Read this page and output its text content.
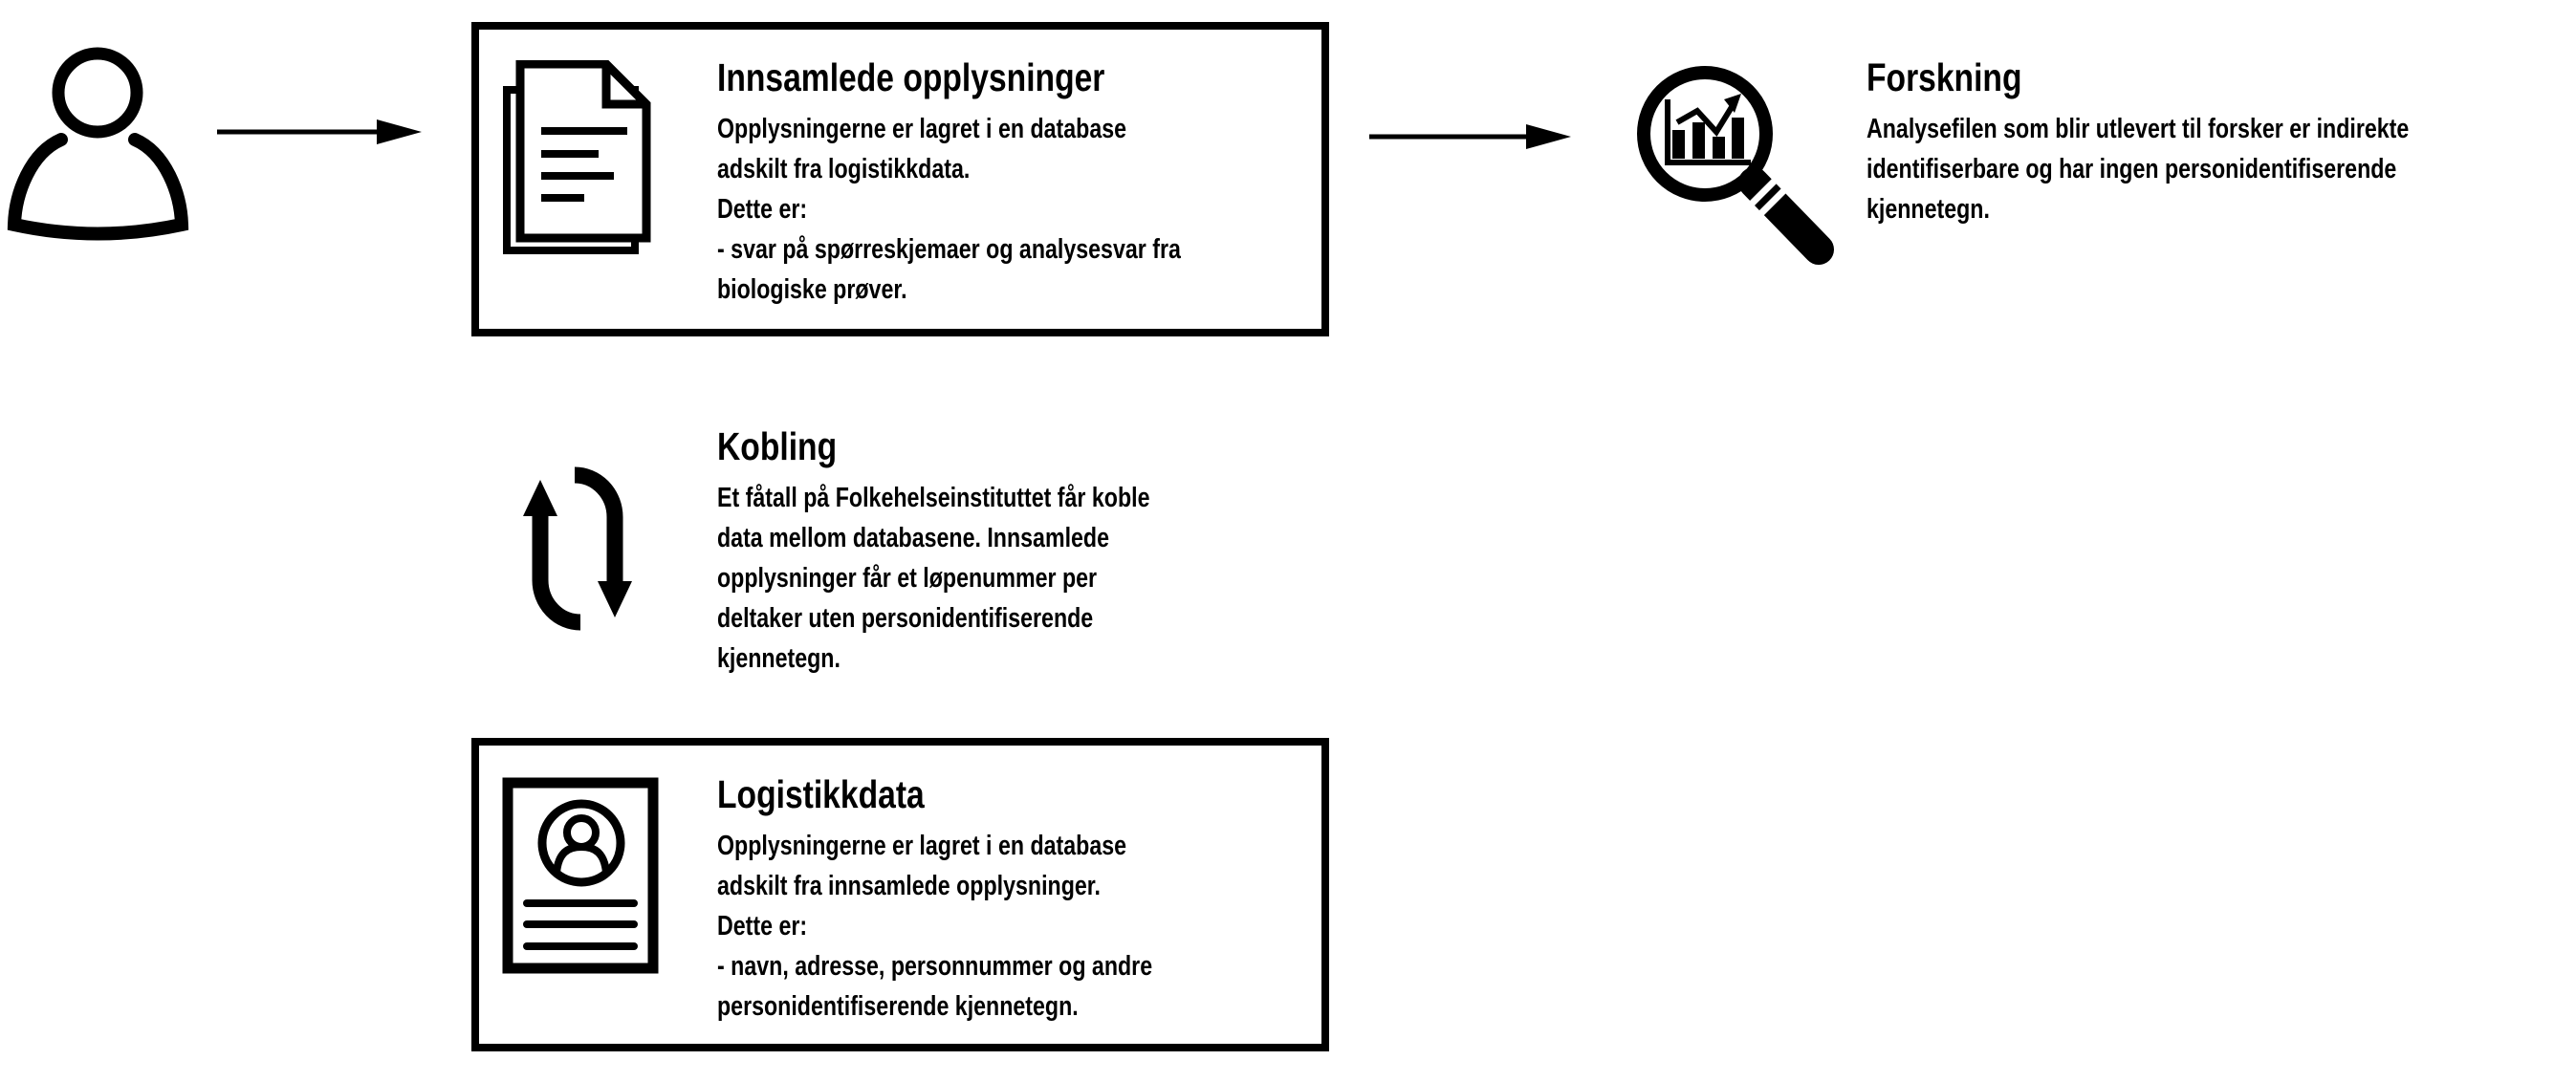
Innsamlede opplysninger
Opplysningerne er lagret i en database
adskilt fra logistikkdata.
Dette er:
- svar på spørreskjemaer og analysesvar fra
biologiske prøver.
Forskning
Analysefilen som blir utlevert til forsker er indirekte
identifiserbare og har ingen personidentifiserende
kjennetegn.
Kobling
Et fåtall på Folkehelseinstituttet får koble
data mellom databasene. Innsamlede
opplysninger får et løpenummer per
deltaker uten personidentifiserende
kjennetegn.
Logistikkdata
Opplysningerne er lagret i en database
adskilt fra innsamlede opplysninger.
Dette er:
- navn, adresse, personnummer og andre
personidentifiserende kjennetegn.
